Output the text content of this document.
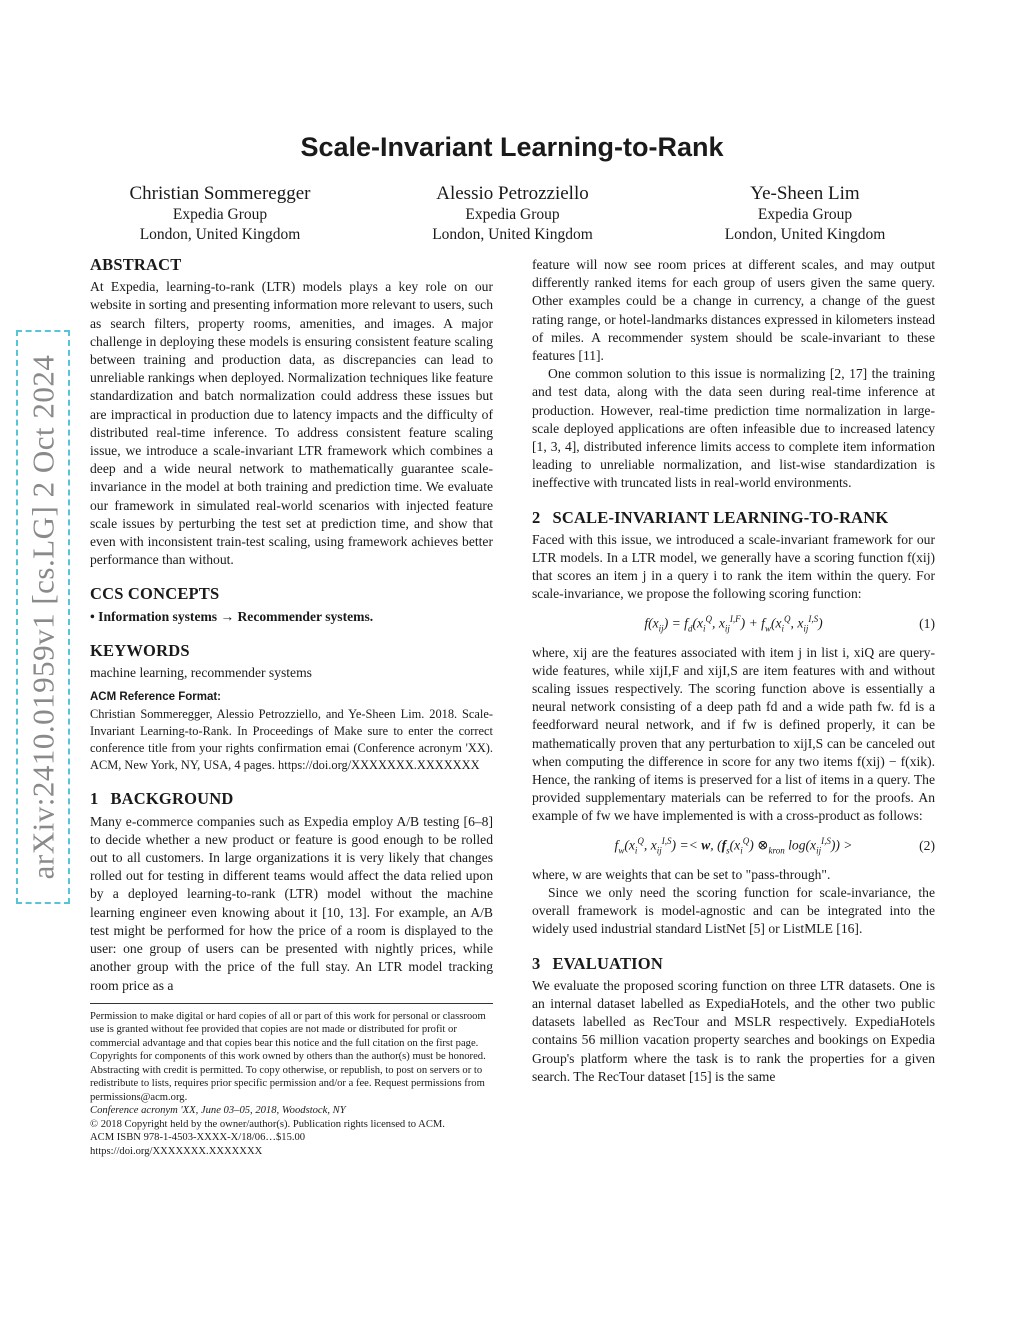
arXiv:2410.01959v1 [cs.LG] 2 Oct 2024
Scale-Invariant Learning-to-Rank
Christian Sommeregger
Expedia Group
London, United Kingdom
Alessio Petrozziello
Expedia Group
London, United Kingdom
Ye-Sheen Lim
Expedia Group
London, United Kingdom
ABSTRACT

At Expedia, learning-to-rank (LTR) models plays a key role on our website in sorting and presenting information more relevant to users, such as search filters, property rooms, amenities, and images. A major challenge in deploying these models is ensuring consistent feature scaling between training and production data, as discrepancies can lead to unreliable rankings when deployed. Normalization techniques like feature standardization and batch normalization could address these issues but are impractical in production due to latency impacts and the difficulty of distributed real-time inference. To address consistent feature scaling issue, we introduce a scale-invariant LTR framework which combines a deep and a wide neural network to mathematically guarantee scale-invariance in the model at both training and prediction time. We evaluate our framework in simulated real-world scenarios with injected feature scale issues by perturbing the test set at prediction time, and show that even with inconsistent train-test scaling, using framework achieves better performance than without.

CCS CONCEPTS

• Information systems → Recommender systems.

KEYWORDS

machine learning, recommender systems

ACM Reference Format:

Christian Sommeregger, Alessio Petrozziello, and Ye-Sheen Lim. 2018. Scale-Invariant Learning-to-Rank. In Proceedings of Make sure to enter the correct conference title from your rights confirmation emai (Conference acronym 'XX). ACM, New York, NY, USA, 4 pages. https://doi.org/XXXXXXX.XXXXXXX

1 BACKGROUND

Many e-commerce companies such as Expedia employ A/B testing [6–8] to decide whether a new product or feature is good enough to be rolled out to all customers. In large organizations it is very likely that changes rolled out for testing in different teams would affect the data relied upon by a deployed learning-to-rank (LTR) model without the machine learning engineer even knowing about it [10, 13]. For example, an A/B test might be performed for how the price of a room is displayed to the user: one group of users can be presented with nightly prices, while another group with the price of the full stay. An LTR model tracking room price as a

Permission to make digital or hard copies of all or part of this work for personal or classroom use is granted without fee provided that copies are not made or distributed for profit or commercial advantage and that copies bear this notice and the full citation on the first page. Copyrights for components of this work owned by others than the author(s) must be honored. Abstracting with credit is permitted. To copy otherwise, or republish, to post on servers or to redistribute to lists, requires prior specific permission and/or a fee. Request permissions from permissions@acm.org.

Conference acronym 'XX, June 03–05, 2018, Woodstock, NY

© 2018 Copyright held by the owner/author(s). Publication rights licensed to ACM.

ACM ISBN 978-1-4503-XXXX-X/18/06…$15.00

https://doi.org/XXXXXXX.XXXXXXX

feature will now see room prices at different scales, and may output differently ranked items for each group of users given the same query. Other examples could be a change in currency, a change of the guest rating range, or hotel-landmarks distances expressed in kilometers instead of miles. A recommender system should be scale-invariant to these features [11].

One common solution to this issue is normalizing [2, 17] the training and test data, along with the data seen during real-time inference at production. However, real-time prediction time normalization in large-scale deployed applications are often infeasible due to increased latency [1, 3, 4], distributed inference limits access to complete item information leading to unreliable normalization, and list-wise standardization is ineffective with truncated lists in real-world environments.

2 SCALE-INVARIANT LEARNING-TO-RANK

Faced with this issue, we introduced a scale-invariant framework for our LTR models. In a LTR model, we generally have a scoring function f(xij) that scores an item j in a query i to rank the item within the query. For scale-invariance, we propose the following scoring function:

$f(x_{ij}) = f_d(x_i^Q$, $x_{ij}^{I,F}) + f_w(x_i^Q$, $x_{ij}^{I,S}$)	(1)

where, xij are the features associated with item j in list i, xiQ are query-wide features, while xijI,F and xijI,S are item features with and without scaling issues respectively. The scoring function above is essentially a neural network consisting of a deep path fd and a wide path fw. fd is a feedforward neural network, and if fw is defined properly, it can be mathematically proven that any perturbation to xijI,S can be canceled out when computing the difference in score for any two items f(xij) − f(xik). Hence, the ranking of items is preserved for a list of items in a query. The provided supplementary materials can be referred to for the proofs. An example of fw we have implemented is with a cross-product as follows:

$f_w(x_i^Q$, $x_{ij}^{I,S}) =< w$, ($f_s(x_i^Q)$ $\otimes_{kron}$ $\log(x_{ij}^{I,S})$) >	(2)

where, w are weights that can be set to "pass-through".

Since we only need the scoring function for scale-invariance, the overall framework is model-agnostic and can be integrated into the widely used industrial standard ListNet [5] or ListMLE [16].

3 EVALUATION

We evaluate the proposed scoring function on three LTR datasets. One is an internal dataset labelled as ExpediaHotels, and the other two public datasets labelled as RecTour and MSLR respectively. ExpediaHotels contains 56 million vacation property searches and bookings on Expedia Group's platform where the task is to rank the properties for a given search. The RecTour dataset [15] is the same
